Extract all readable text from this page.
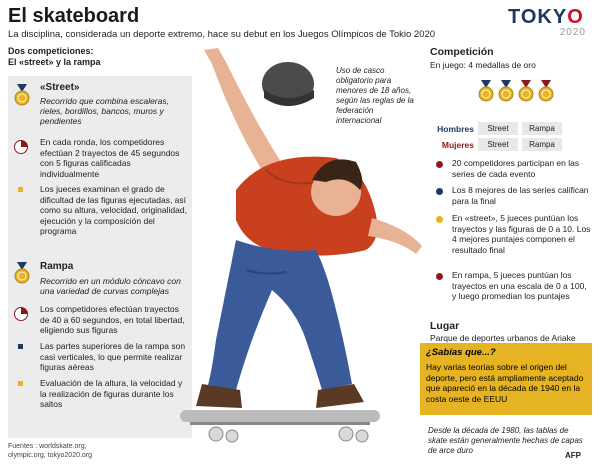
El skateboard
La disciplina, considerada un deporte extremo, hace su debut en los Juegos Olímpicos de Tokio 2020
TOKYO
2020
Dos competiciones:
El «street» y la rampa
«Street»
Recorrido que combina escaleras, rieles, bordillos, bancos, muros y pendientes
En cada ronda, los competidores efectúan 2 trayectos de 45 segundos con 5 figuras calificadas individualmente
Los jueces examinan el grado de dificultad de las figuras ejecutadas, así como su altura, velocidad, originalidad, ejecución y la composición del programa
Rampa
Recorrido en un módulo cóncavo con una variedad de curvas complejas
Los competidores efectúan trayectos de 40 a 60 segundos, en total libertad, eligiendo sus figuras
Las partes superiores de la rampa son casi verticales, lo que permite realizar figuras aéreas
Evaluación de la altura, la velocidad y la realización de figuras durante los saltos
Uso de casco obligatorio para menores de 18 años, según las reglas de la federación internacional
Desde la década de 1980, las tablas de skate están generalmente hechas de capas de arce duro
Competición
En juego: 4 medallas de oro
Hombres	Street	Rampa
Mujeres	Street	Rampa
20 competidores participan en las series de cada evento
Los 8 mejores de las series califican para la final
En «street», 5 jueces puntúan los trayectos y las figuras de 0 a 10. Los 4 mejores puntajes componen el resultado final
En rampa, 5 jueces puntúan los trayectos en una escala de 0 a 100, y luego promedian los puntajes
Lugar
Parque de deportes urbanos de Ariake
¿Sabías que...?
Hay varias teorías sobre el origen del deporte, pero está ampliamente aceptado que apareció en la década de 1940 en la costa oeste de EEUU
Fuentes : worldskate.org,
olympic.org, tokyo2020.org	AFP
